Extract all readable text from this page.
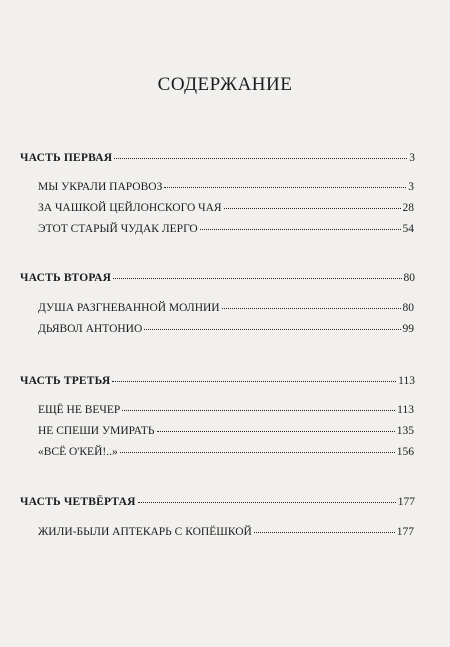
СОДЕРЖАНИЕ
ЧАСТЬ ПЕРВАЯ	3
МЫ УКРАЛИ ПАРОВОЗ	3
ЗА ЧАШКОЙ ЦЕЙЛОНСКОГО ЧАЯ	28
ЭТОТ СТАРЫЙ ЧУДАК ЛЕРГО	54
ЧАСТЬ ВТОРАЯ	80
ДУША РАЗГНЕВАННОЙ МОЛНИИ	80
ДЬЯВОЛ АНТОНИО	99
ЧАСТЬ ТРЕТЬЯ	113
ЕЩЁ НЕ ВЕЧЕР	113
НЕ СПЕШИ УМИРАТЬ	135
«ВСЁ О'КЕЙ!..»	156
ЧАСТЬ ЧЕТВЁРТАЯ	177
ЖИЛИ-БЫЛИ АПТЕКАРЬ С КОПЁШКОЙ	177
